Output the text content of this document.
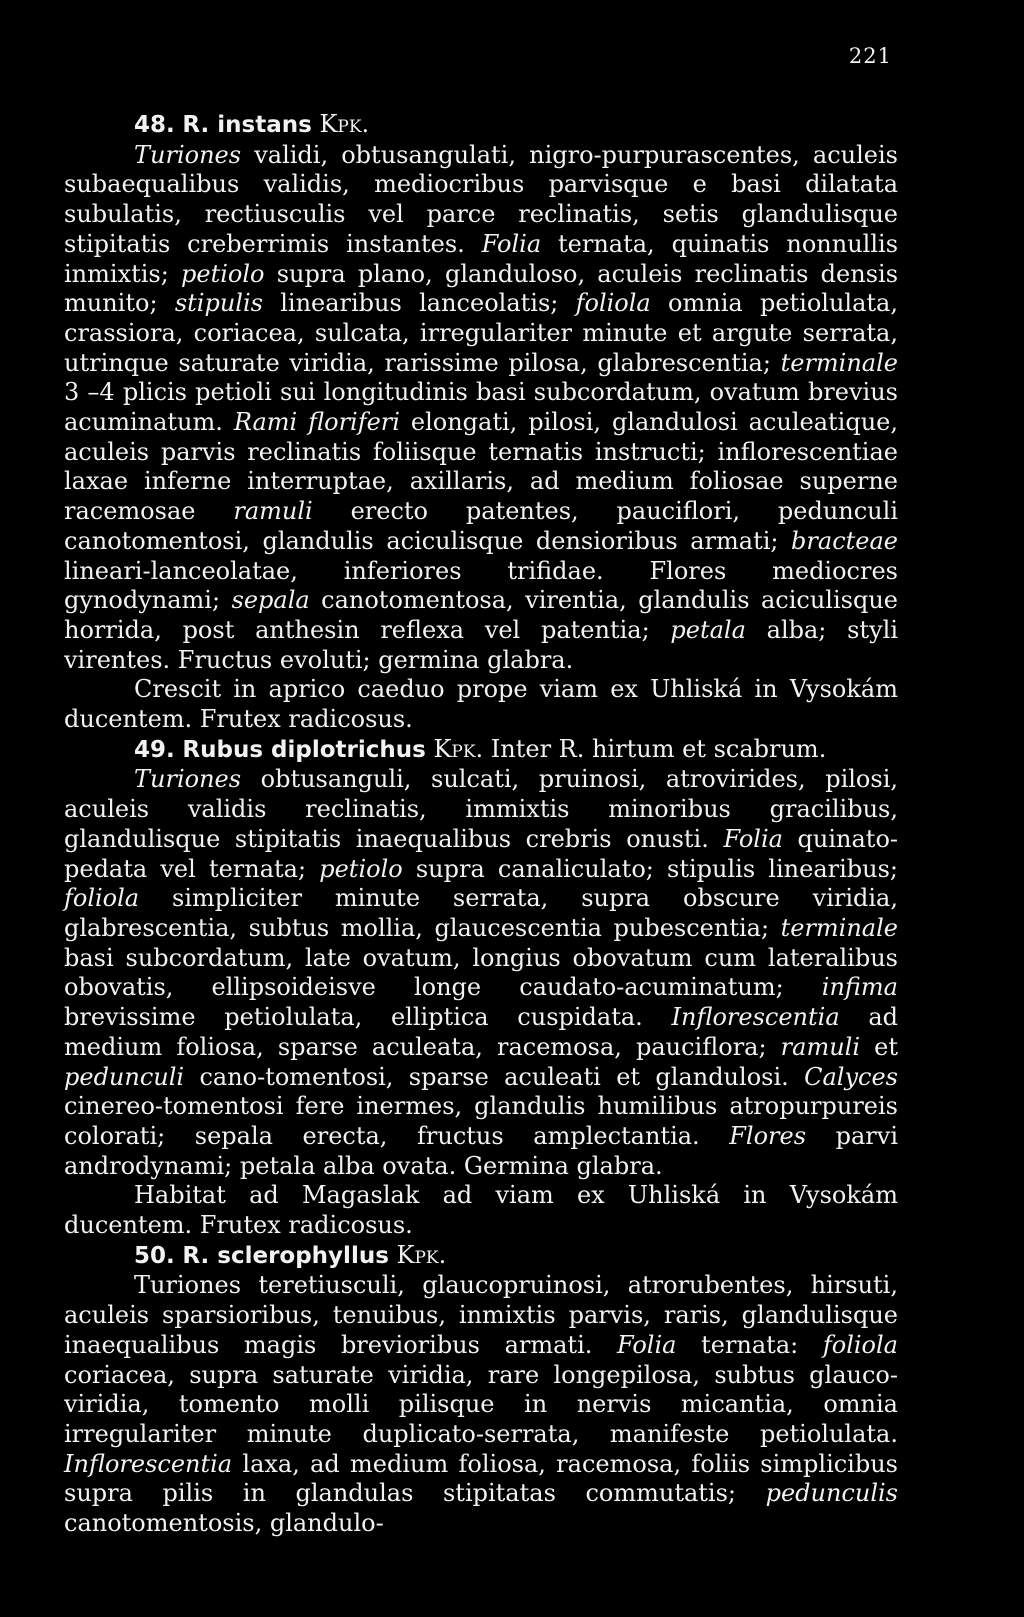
221

48. R. instans Kpk.

Turiones validi, obtusangulati, nigro-purpurascentes, aculeis subaequalibus validis, mediocribus parvisque e basi dilatata subulatis, rectiusculis vel parce reclinatis, setis glandulisque stipitatis creberrimis instantes. Folia ternata, quinatis nonnullis inmixtis; petiolo supra plano, glanduloso, aculeis reclinatis densis munito; stipulis linearibus lanceolatis; foliola omnia petiolulata, crassiora, coriacea, sulcata, irregulariter minute et argute serrata, utrinque saturate viridia, rarissime pilosa, glabrescentia; terminale 3 –4 plicis petioli sui longitudinis basi subcordatum, ovatum brevius acuminatum. Rami floriferi elongati, pilosi, glandulosi aculeatique, aculeis parvis reclinatis foliisque ternatis instructi; inflorescentiae laxae inferne interruptae, axillaris, ad medium foliosae superne racemosae ramuli erecto patentes, pauciflori, pedunculi canotomentosi, glandulis aciculisque densioribus armati; bracteae lineari-lanceolatae, inferiores trifidae. Flores mediocres gynodynami; sepala canotomentosa, virentia, glandulis aciculisque horrida, post anthesin reflexa vel patentia; petala alba; styli virentes. Fructus evoluti; germina glabra.

Crescit in aprico caeduo prope viam ex Uhliská in Vysokám ducentem. Frutex radicosus.

49. Rubus diplotrichus Kpk. Inter R. hirtum et scabrum.

Turiones obtusanguli, sulcati, pruinosi, atrovirides, pilosi, aculeis validis reclinatis, immixtis minoribus gracilibus, glandulisque stipitatis inaequalibus crebris onusti. Folia quinato-pedata vel ternata; petiolo supra canaliculato; stipulis linearibus; foliola simpliciter minute serrata, supra obscure viridia, glabrescentia, subtus mollia, glaucescentia pubescentia; terminale basi subcordatum, late ovatum, longius obovatum cum lateralibus obovatis, ellipsoideisve longe caudato-acuminatum; infima brevissime petiolulata, elliptica cuspidata. Inflorescentia ad medium foliosa, sparse aculeata, racemosa, pauciflora; ramuli et pedunculi cano-tomentosi, sparse aculeati et glandulosi. Calyces cinereo-tomentosi fere inermes, glandulis humilibus atropurpureis colorati; sepala erecta, fructus amplectantia. Flores parvi androdynami; petala alba ovata. Germina glabra.

Habitat ad Magaslak ad viam ex Uhliská in Vysokám ducentem. Frutex radicosus.

50. R. sclerophyllus Kpk.

Turiones teretiusculi, glaucopruinosi, atrorubentes, hirsuti, aculeis sparsioribus, tenuibus, inmixtis parvis, raris, glandulisque inaequalibus magis brevioribus armati. Folia ternata: foliola coriacea, supra saturate viridia, rare longepilosa, subtus glauco-viridia, tomento molli pilisque in nervis micantia, omnia irregulariter minute duplicato-serrata, manifeste petiolulata. Inflorescentia laxa, ad medium foliosa, racemosa, foliis simplicibus supra pilis in glandulas stipitatas commutatis; pedunculis canotomentosis, glandulo-
